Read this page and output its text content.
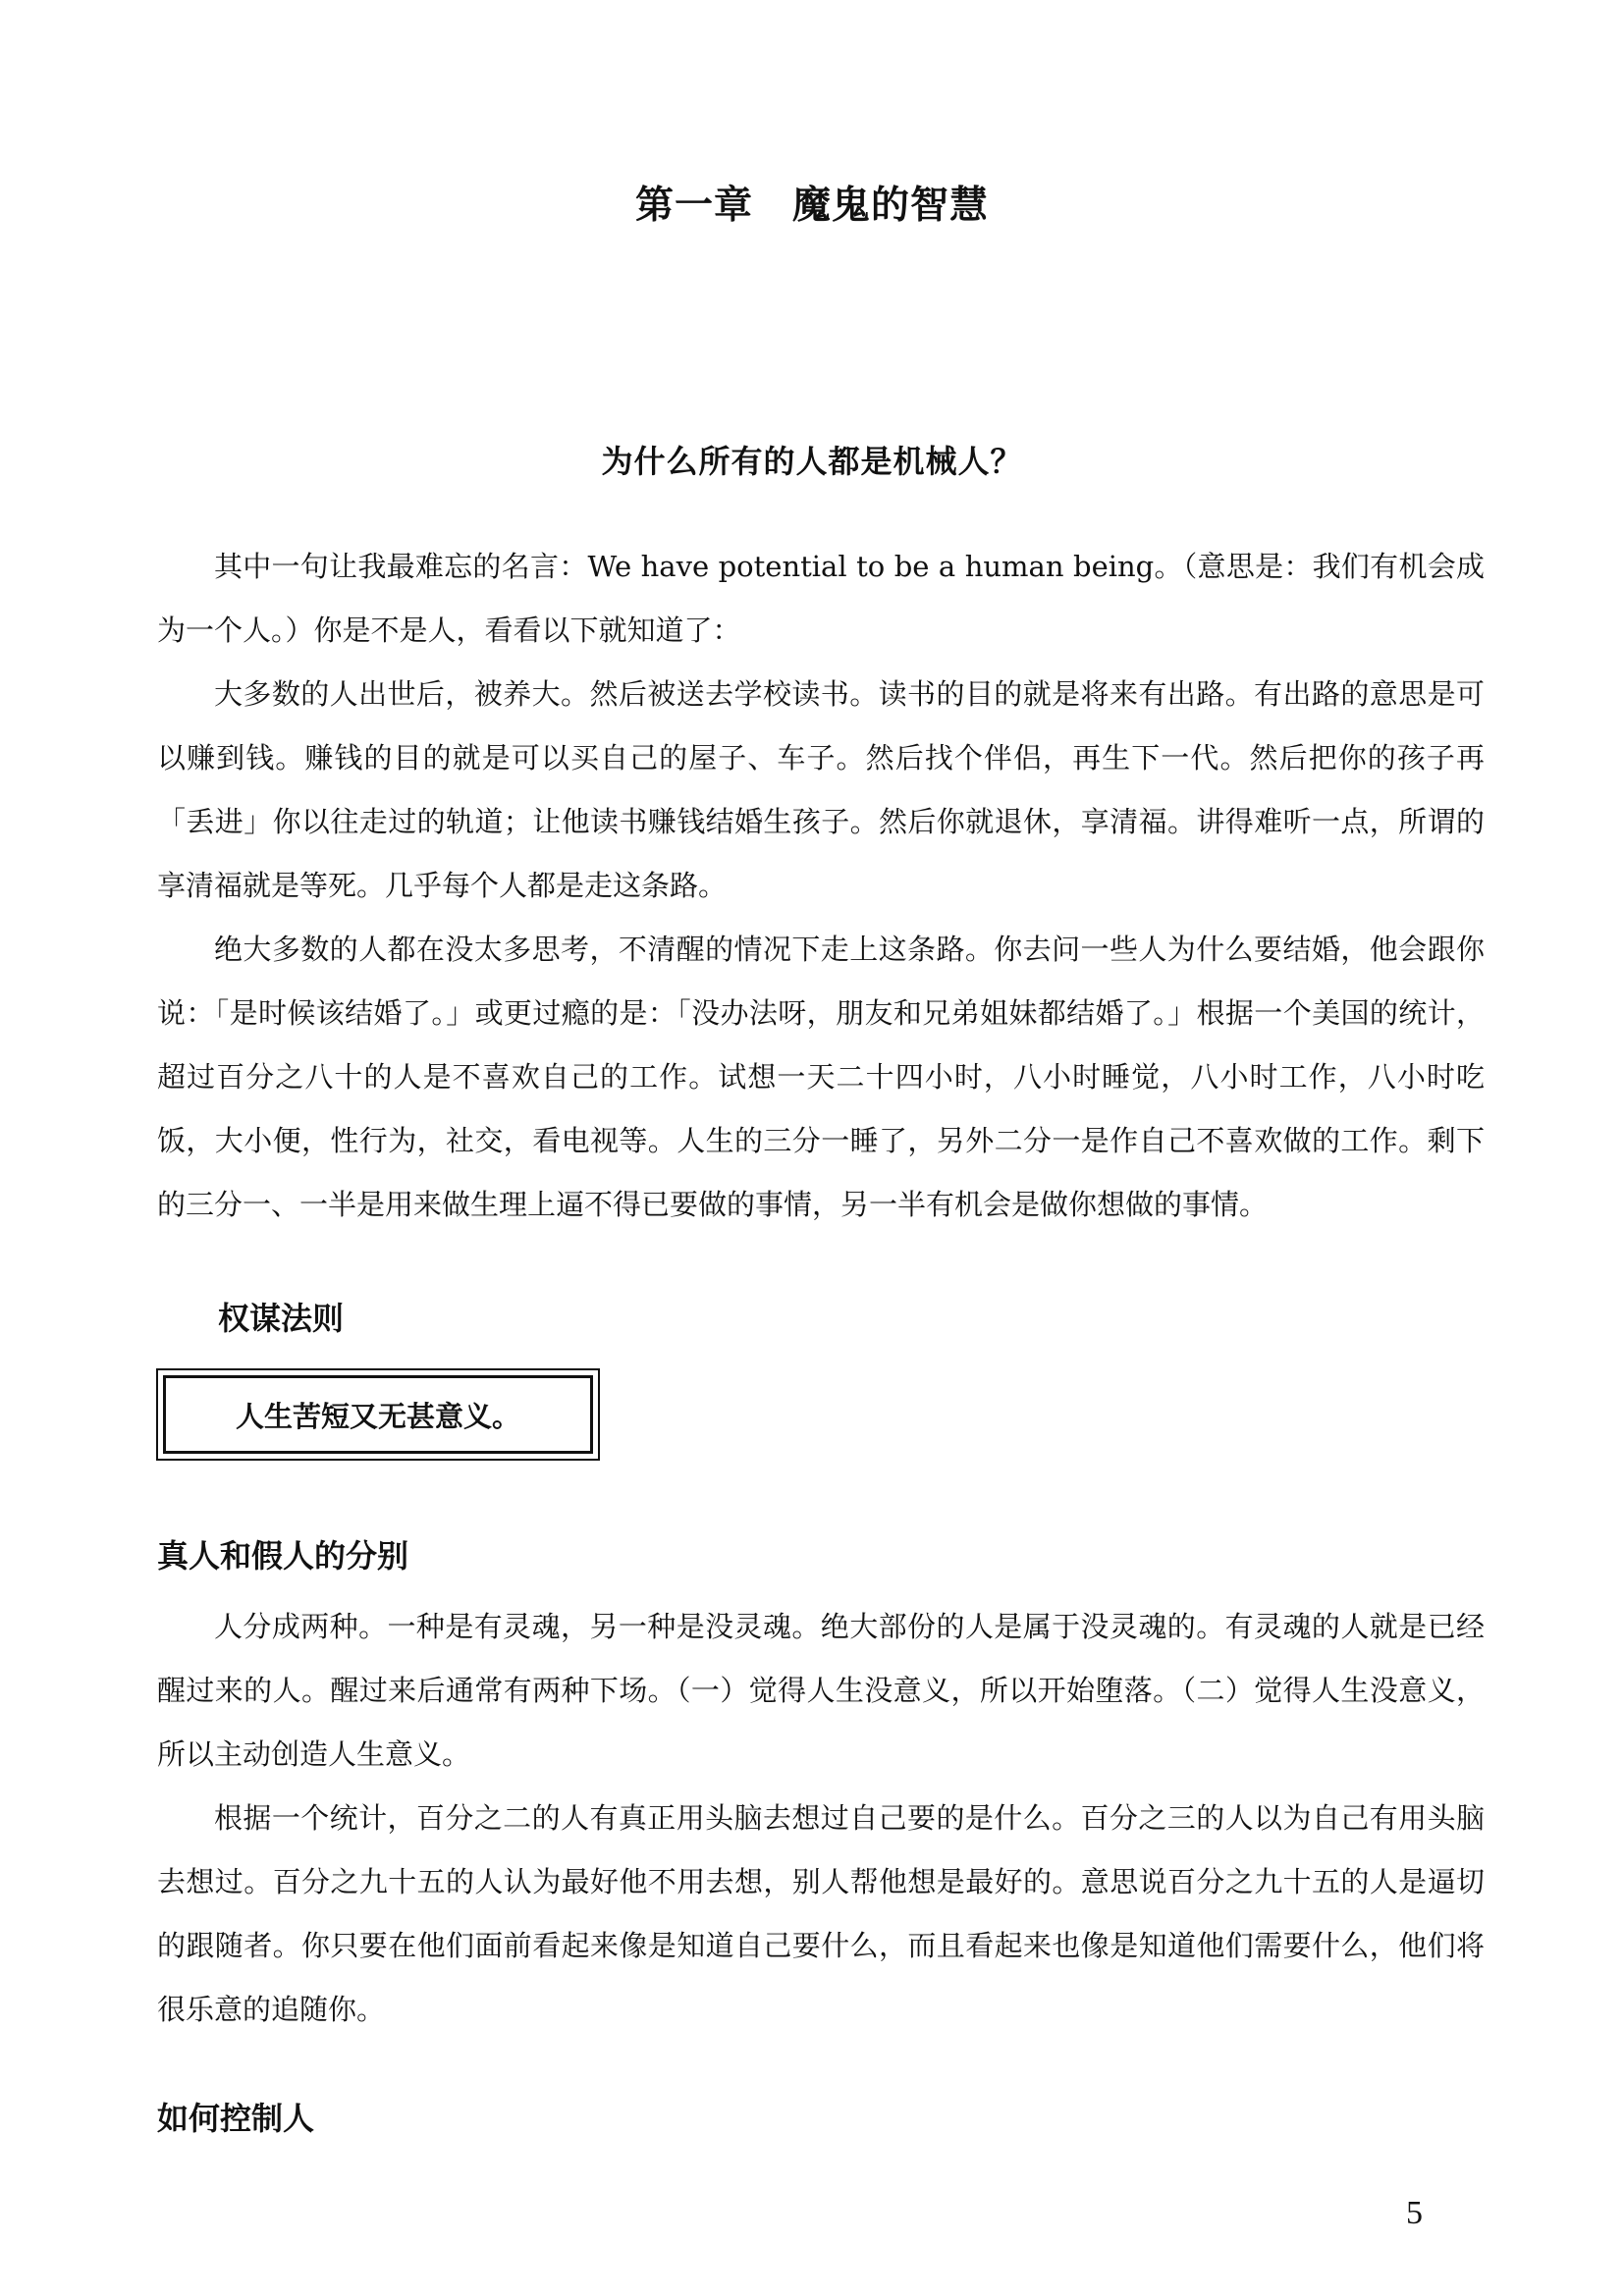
第一章　魔鬼的智慧
为什么所有的人都是机械人？

其中一句让我最难忘的名言：We have potential to be a human being。（意思是：我们有机会成为一个人。）你是不是人，看看以下就知道了：

大多数的人出世后，被养大。然后被送去学校读书。读书的目的就是将来有出路。有出路的意思是可以赚到钱。赚钱的目的就是可以买自己的屋子、车子。然后找个伴侣，再生下一代。然后把你的孩子再「丢进」你以往走过的轨道；让他读书赚钱结婚生孩子。然后你就退休，享清福。讲得难听一点，所谓的享清福就是等死。几乎每个人都是走这条路。

绝大多数的人都在没太多思考，不清醒的情况下走上这条路。你去问一些人为什么要结婚，他会跟你说：「是时候该结婚了。」或更过瘾的是：「没办法呀，朋友和兄弟姐妹都结婚了。」根据一个美国的统计，超过百分之八十的人是不喜欢自己的工作。试想一天二十四小时，八小时睡觉，八小时工作，八小时吃饭，大小便，性行为，社交，看电视等。人生的三分一睡了，另外二分一是作自己不喜欢做的工作。剩下的三分一、一半是用来做生理上逼不得已要做的事情，另一半有机会是做你想做的事情。

权谋法则
人生苦短又无甚意义。
真人和假人的分别

人分成两种。一种是有灵魂，另一种是没灵魂。绝大部份的人是属于没灵魂的。有灵魂的人就是已经醒过来的人。醒过来后通常有两种下场。（一）觉得人生没意义，所以开始堕落。（二）觉得人生没意义，所以主动创造人生意义。

根据一个统计，百分之二的人有真正用头脑去想过自己要的是什么。百分之三的人以为自己有用头脑去想过。百分之九十五的人认为最好他不用去想，别人帮他想是最好的。意思说百分之九十五的人是逼切的跟随者。你只要在他们面前看起来像是知道自己要什么，而且看起来也像是知道他们需要什么，他们将很乐意的追随你。

如何控制人
5
